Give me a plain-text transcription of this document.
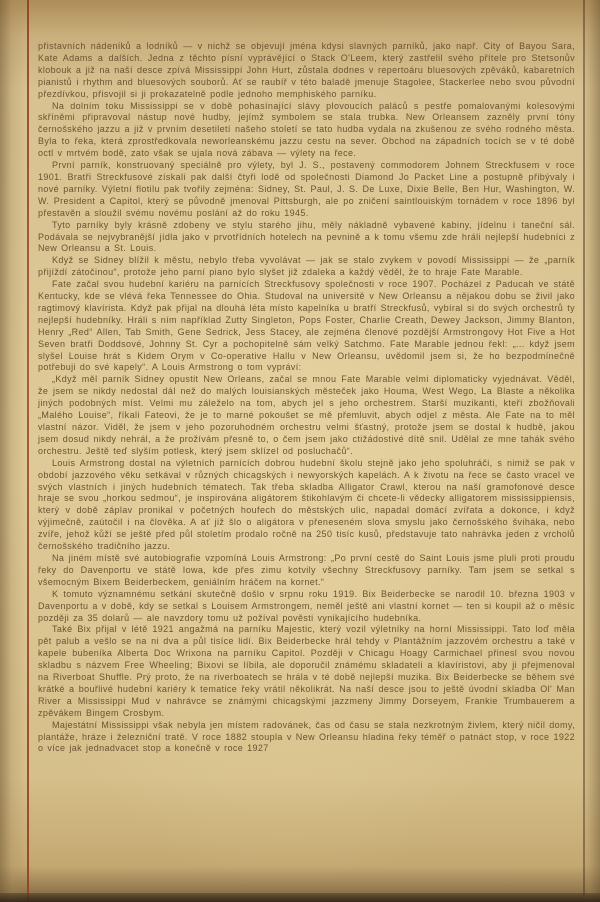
přistavních nádeníků a lodníků — v nichž se objevují jména kdysi slavných parníků, jako např. City of Bayou Sara, Kate Adams a dalších. Jedna z těchto písní vyprávějící o Stack O'Leem, který zastřelil svého přítele pro Stetsonův klobouk a již na naší desce zpívá Mississippi John Hurt, zůstala dodnes v repertoáru bluesových zpěváků, kabaretních pianistů i rhythm and bluesových souborů. Ať se raubíř v této baladě jmenuje Stagolee, Stackerlee nebo svou původní přezdívkou, přisvojil si ji prokazatelně podle jednoho memphiského parníku.

Na dolním toku Mississippi se v době pohasínající slávy plovoucích paláců s pestře pomalovanými kolesovými skříněmi připravoval nástup nové hudby, jejímž symbolem se stala trubka. New Orleansem zazněly první tóny černošského jazzu a již v prvním desetiletí našeho století se tato hudba vydala na zkušenou ze svého rodného města. Byla to řeka, která zprostředkovala neworleanskému jazzu cestu na sever. Obchod na západních tocích se v té době octl v mrtvém bodě, zato však se ujala nová zábava — výlety na řece.

První parník, konstruovaný speciálně pro výlety, byl J. S., postavený commodorem Johnem Streckfusem v roce 1901. Bratři Streckfusové získali pak další čtyři lodě od společnosti Diamond Jo Packet Line a postupně přibývaly i nové parníky. Výletní flotilu pak tvořily zejména: Sidney, St. Paul, J. S. De Luxe, Dixie Belle, Ben Hur, Washington, W. W. President a Capitol, který se původně jmenoval Pittsburgh, ale po zničení saintlouiským tornádem v roce 1896 byl přestavěn a sloužil svému novému poslání až do roku 1945.

Tyto parníky byly krásně zdobeny ve stylu starého jihu, měly nákladně vybavené kabiny, jídelnu i taneční sál. Podávala se nejvybranější jídla jako v prvotřídních hotelech na pevnině a k tomu všemu zde hráli nejlepší hudebníci z New Orleansu a St. Louis.

Když se Sidney blížil k městu, nebylo třeba vyvolávat — jak se stalo zvykem v povodí Mississippi — že „parník přijíždí zátočinou“, protože jeho parní piano bylo slyšet již zdaleka a každý věděl, že to hraje Fate Marable.

Fate začal svou hudební kariéru na parnících Streckfusovy společnosti v roce 1907. Pocházel z Paducah ve státě Kentucky, kde se vlévá řeka Tennessee do Ohia. Studoval na universitě v New Orleansu a nějakou dobu se živil jako ragtimový klavírista. Když pak přijal na dlouhá léta místo kapelníka u bratří Streckfusů, vybíral si do svých orchestrů ty nejlepší hudebníky. Hráli s ním například Zutty Singleton, Pops Foster, Charlie Creath, Dewey Jackson, Jimmy Blanton, Henry „Red“ Allen, Tab Smith, Gene Sedrick, Jess Stacey, ale zejména členové pozdější Armstrongovy Hot Five a Hot Seven bratři Doddsové, Johnny St. Cyr a pochopitelně sám velký Satchmo. Fate Marable jednou řekl: „... když jsem slyšel Louise hrát s Kidem Orym v Co-operative Hallu v New Orleansu, uvědomil jsem si, že ho bezpodmínečně potřebuji do své kapely“. A Louis Armstrong o tom vypráví:

„Když měl parník Sidney opustit New Orleans, začal se mnou Fate Marable velmi diplomaticky vyjednávat. Věděl, že jsem se nikdy nedostal dál než do malých louisianských městeček jako Houma, West Wego, La Blaste a několika jiných podobných míst. Velmi mu záleželo na tom, abych jel s jeho orchestrem. Starší muzikanti, kteří zbožňovali „Malého Louise“, říkali Fateovi, že je to marné pokoušet se mě přemluvit, abych odjel z města. Ale Fate na to měl vlastní názor. Viděl, že jsem v jeho pozoruhodném orchestru velmi šťastný, protože jsem se dostal k hudbě, jakou jsem dosud nikdy nehrál, a že prožívám přesně to, o čem jsem jako ctižádostivé dítě snil. Udělal ze mne tahák svého orchestru. Ještě teď slyším potlesk, který jsem sklízel od posluchačů“.

Louis Armstrong dostal na výletních parnících dobrou hudební školu stejně jako jeho spoluhráči, s nimiž se pak v období jazzového věku setkával v různých chicagských i newyorských kapelách. A k životu na řece se často vracel ve svých vlastních i jiných hudebních tématech. Tak třeba skladba Alligator Crawl, kterou na naší gramofonové desce hraje se svou „horkou sedmou“, je inspirována aligátorem štikohlavým či chcete-li vědecky alligatorem mississippiensis, který v době záplav pronikal v početných houfech do městských ulic, napadal domácí zvířata a dokonce, i když výjimečně, zaútočil i na člověka. A ať již šlo o aligátora v přeneseném slova smyslu jako černošského šviháka, nebo zvíře, jehož kůží se ještě před půl stoletím prodalo ročně na 250 tisíc kusů, představuje tato nahrávka jeden z vrcholů černošského tradičního jazzu.

Na jiném místě své autobiografie vzpomíná Louis Armstrong: „Po první cestě do Saint Louis jsme pluli proti proudu řeky do Davenportu ve státě Iowa, kde přes zimu kotvily všechny Streckfusovy parníky. Tam jsem se setkal s všemocným Bixem Beiderbeckem, geniálním hráčem na kornet.“

K tomuto významnému setkání skutečně došlo v srpnu roku 1919. Bix Beiderbecke se narodil 10. března 1903 v Davenportu a v době, kdy se setkal s Louisem Armstrongem, neměl ještě ani vlastní kornet — ten si koupil až o měsíc později za 35 dolarů — ale navzdory tomu už požíval pověsti vynikajícího hudebníka.

Také Bix přijal v létě 1921 angažmá na parníku Majestic, který vozil výletníky na horní Mississippi. Tato loď měla pět palub a vešlo se na ni dva a půl tisíce lidí. Bix Beiderbecke hrál tehdy v Plantážním jazzovém orchestru a také v kapele bubeníka Alberta Doc Wrixona na parníku Capitol. Později v Chicagu Hoagy Carmichael přinesl svou novou skladbu s názvem Free Wheeling; Bixovi se líbila, ale doporučil známému skladateli a klavíristovi, aby ji přejmenoval na Riverboat Shuffle. Prý proto, že na riverboatech se hrála v té době nejlepší muzika. Bix Beiderbecke se během své krátké a bouřlivé hudební kariéry k tematice řeky vrátil několikrát. Na naší desce jsou to ještě úvodní skladba Ol' Man River a Mississippi Mud v nahrávce se známými chicagskými jazzmeny Jimmy Dorseyem, Frankie Trumbauerem a zpěvákem Bingem Crosbym.

Majestátní Mississippi však nebyla jen místem radovánek, čas od času se stala nezkrotným živlem, který ničil domy, plantáže, hráze i železniční tratě. V roce 1882 stoupla v New Orleansu hladina řeky téměř o patnáct stop, v roce 1922 o více jak jednadvacet stop a konečně v roce 1927
